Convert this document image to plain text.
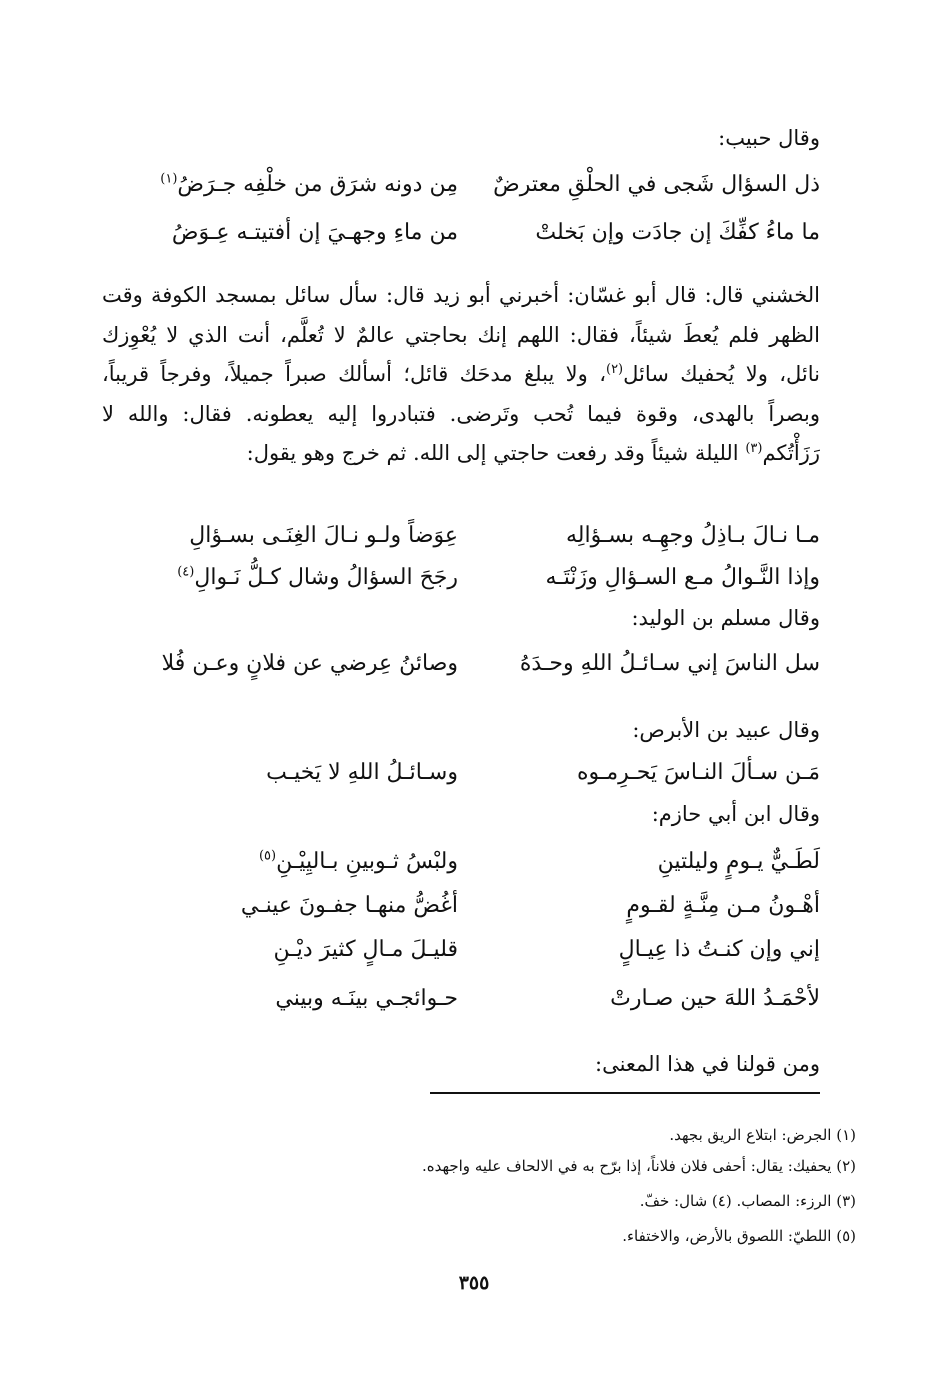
وقال حبيب:
ذل السؤال شَجى في الحلْقِ معترضٌ
مِن دونه شرَق من خلْفِه جـرَضُ$^{(١)}$
ما ماءُ كفِّكَ إن جادَت وإن بَخلتْ
من ماءِ وجهـيَ إن أفتيتـه عِـوَضُ
الخشني قال: قال أبو غسّان: أخبرني أبو زيد قال: سأل سائل بمسجد الكوفة وقت الظهر فلم يُعطَ شيئاً، فقال: اللهم إنك بحاجتي عالمٌ لا تُعلَّم، أنت الذي لا يُعْوِزك نائل، ولا يُحفيك سائل$^{(٢)}$، ولا يبلغ مدحَك قائل؛ أسألك صبراً جميلاً، وفرجاً قريباً، وبصراً بالهدى، وقوة فيما تُحب وتَرضى. فتبادروا إليه يعطونه. فقال: والله لا رَزَأْتُكم$^{(٣)}$ الليلة شيئاً وقد رفعت حاجتي إلى الله. ثم خرج وهو يقول:
مـا نـالَ بـاذِلُ وجهِـه بسـؤالِه
عِوَضاً ولـو نـالَ الغِنَـى بسـؤالِ
وإذا النَّـوالُ مـع السـؤالِ وزَنْتَـه
رجَحَ السؤالُ وشال كـلُّ نَـوالِ$^{(٤)}$
وقال مسلم بن الوليد:
سل الناسَ إني سـائـلُ اللهِ وحـدَهُ
وصائنُ عِرضي عن فلانٍ وعـن فُلا
وقال عبيد بن الأبرص:
مَـن سـألَ النـاسَ يَحـرِمـوه
وسـائـلُ اللهِ لا يَخيـب
وقال ابن أبي حازم:
لَطَـيٌّ يـومٍ وليلتينِ
ولبْسُ ثـوبينِ بـاليِيْـنِ$^{(٥)}$
أهْـونُ مـن مِنَّـةٍ لقـومٍ
أغُضُّ منهـا جفـونَ عينـي
إني وإن كنـتُ ذا عِيـالٍ
قليـلَ مـالٍ كثيرَ ديْـنِ
لأحْمَـدُ اللهَ حين صـارتْ
حـوائجـي بينَـه وبيني
ومن قولنا في هذا المعنى:
(١) الجرض: ابتلاع الريق بجهد.
(٢) يحفيك: يقال: أحفى فلان فلاناً، إذا برّح به في الالحاف عليه واجهده.
(٣) الرزء: المصاب. (٤) شال: خفّ.
(٥) اللطيّ: اللصوق بالأرض، والاختفاء.
٣٥٥
